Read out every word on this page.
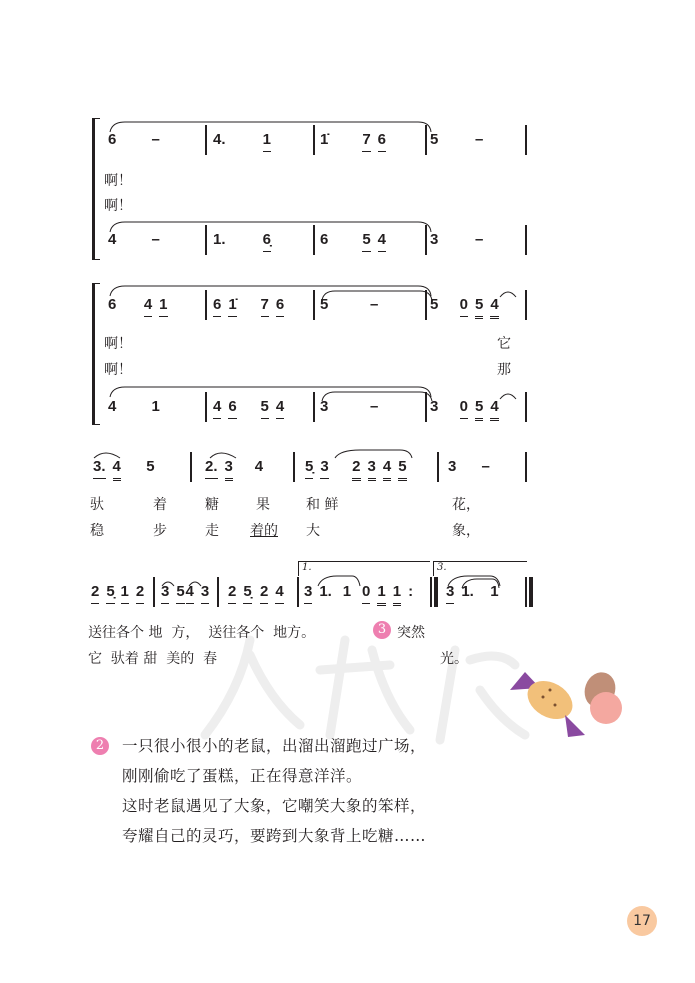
6 –	4. 1	1̇ 7 6	5 –
4 –	1. 6̣	6 5 4	3 –
啊！
啊！
6 4 1	6 1̇ 7 6 5	–	5 0 5 4
4 1	4 6 5 4 3	–	3 0 5 4
啊！	它
啊！	那
3. 4 5	2. 3 4	5̣ 3 2 3 4 5	3 –
驮	着	糖	果	和 鲜	花，
稳	步	走 着的 大	象，
2 5̣ 1 2 3 5 4 3 2 5̣ 2 4 3 1. 1 0 1 1 : 3 1. 1
1.	3.
送往各个 地  方，  送往各个  地方。	突然
它  驮着 甜  美的  春	光。
3
2	一只很小很小的老鼠，出溜出溜跑过广场，
刚刚偷吃了蛋糕，正在得意洋洋。
这时老鼠遇见了大象，它嘲笑大象的笨样，
夸耀自己的灵巧，要跨到大象背上吃糖……
17
